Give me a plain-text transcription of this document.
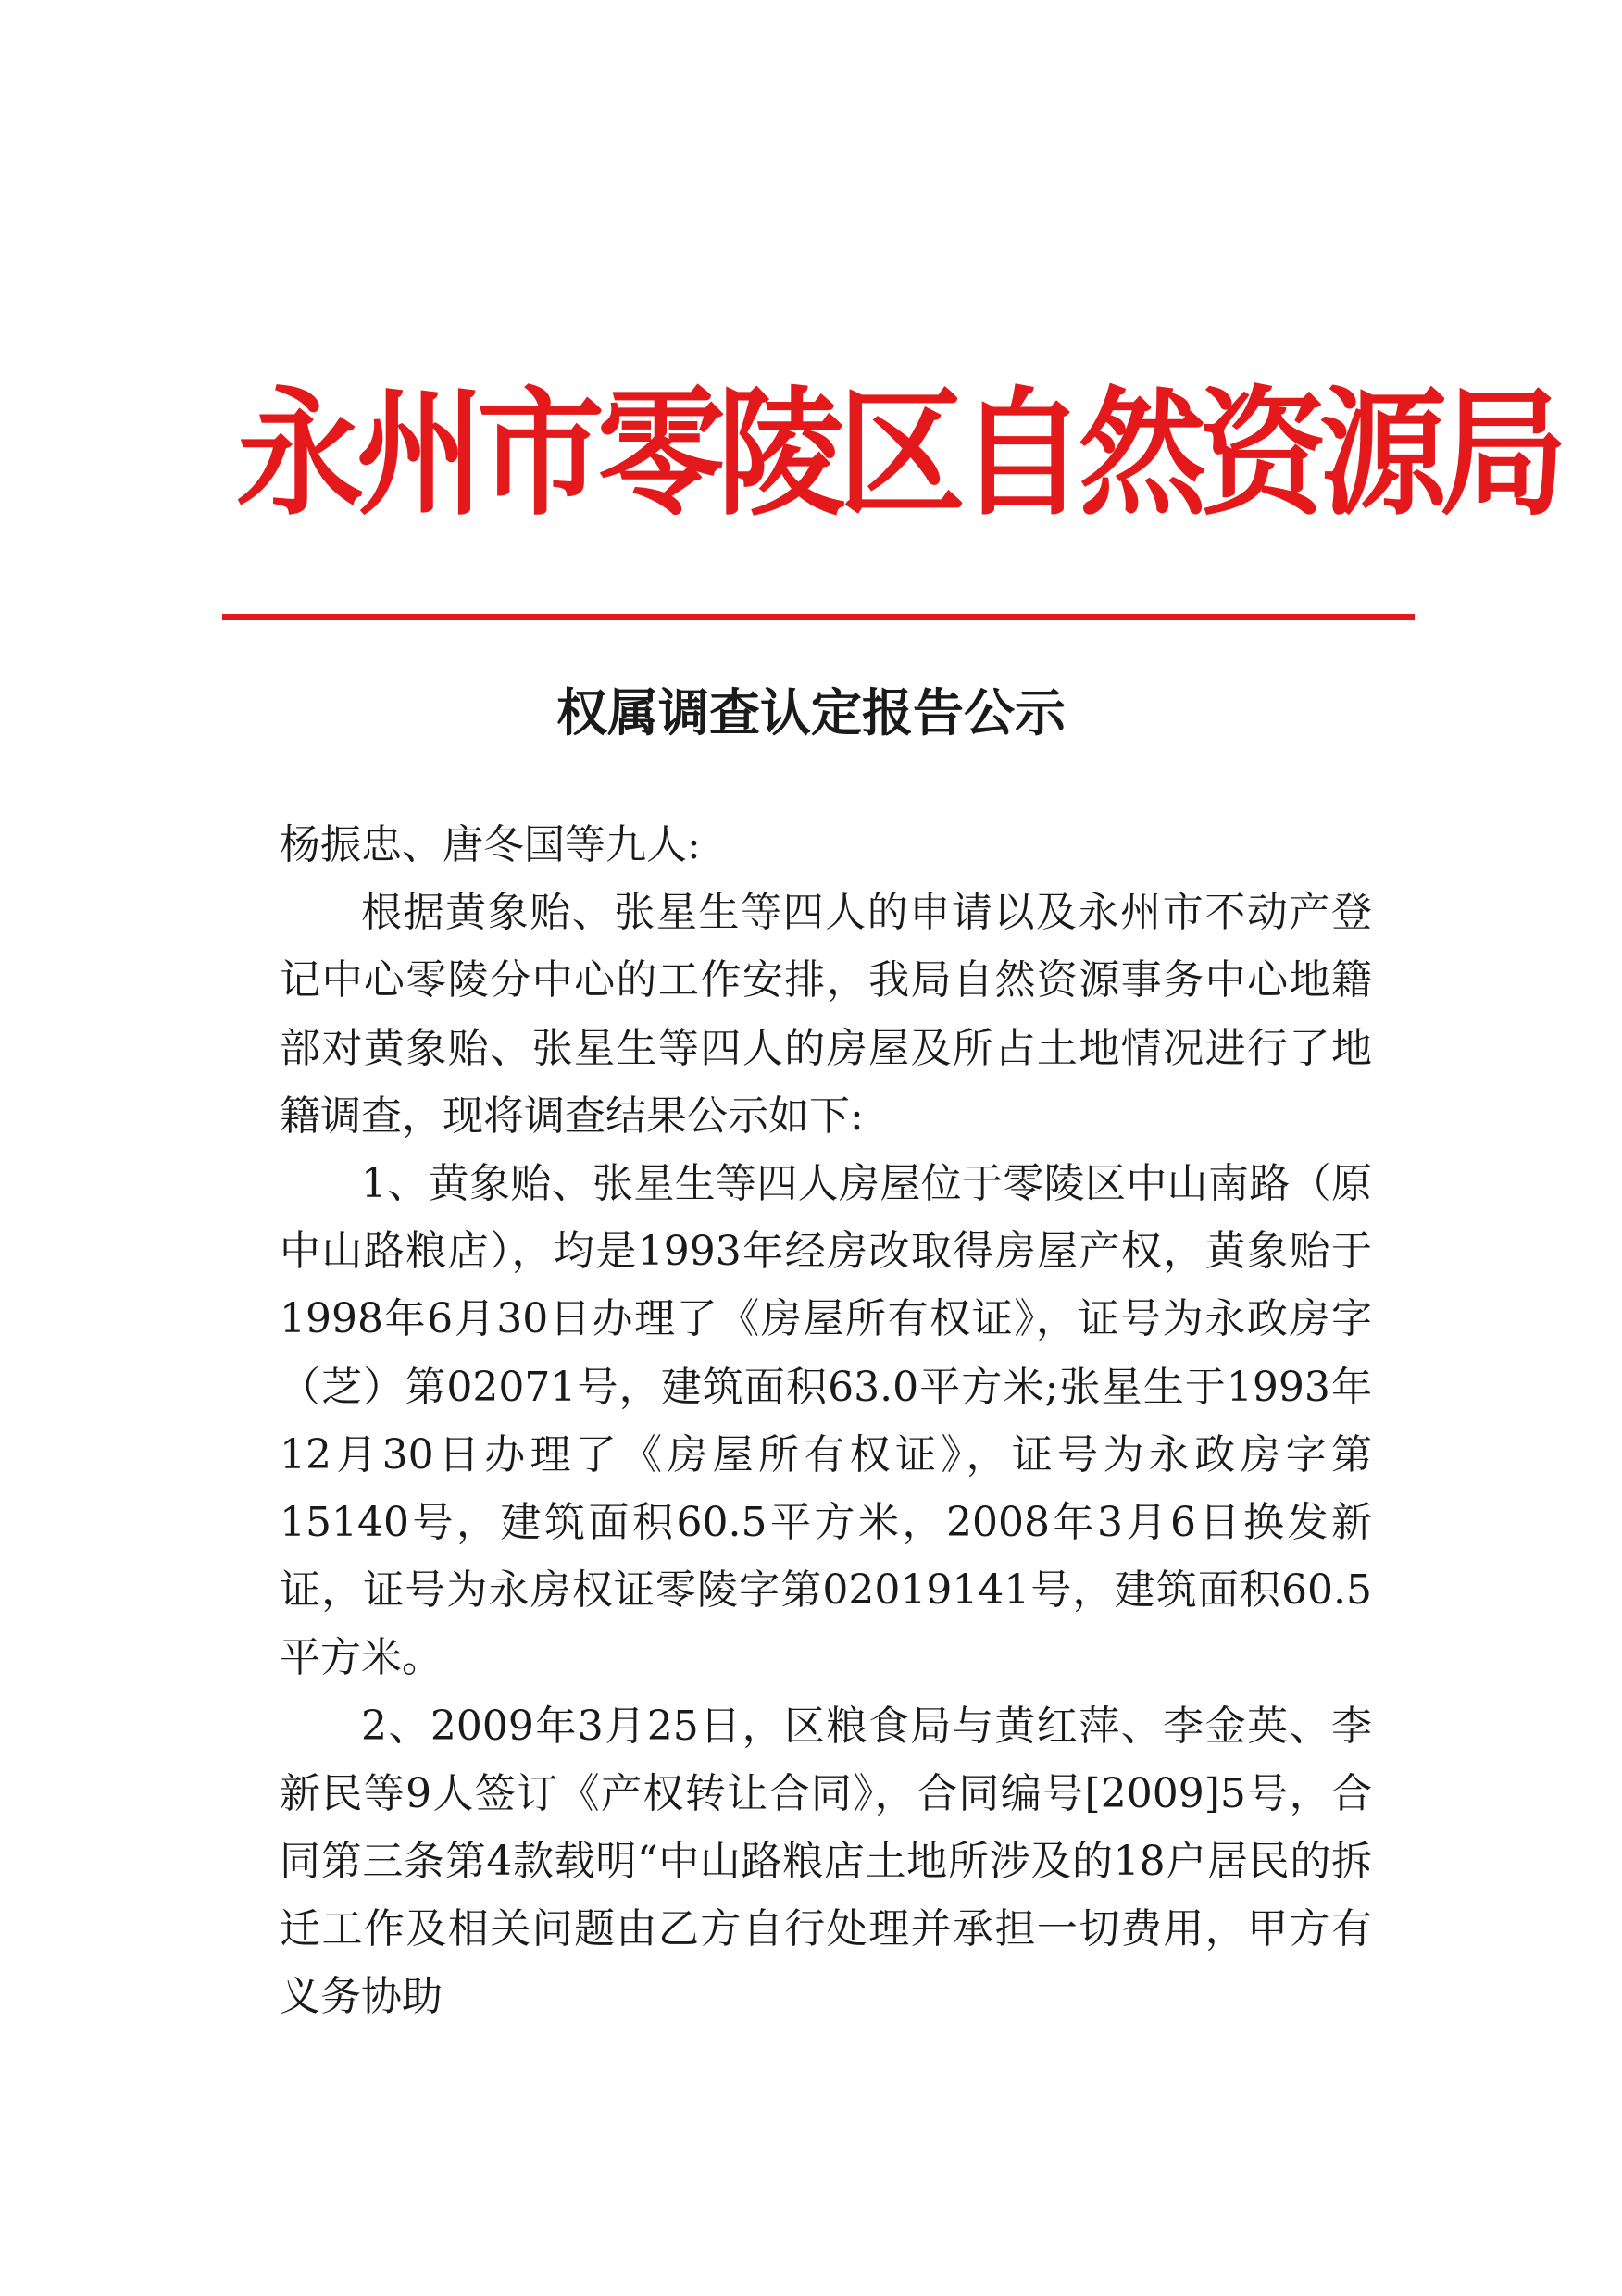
永州市零陵区自然资源局
权属调查认定报告公示

杨振忠、唐冬国等九人:

根据黄象贻、张星生等四人的申请以及永州市不动产登记中心零陵分中心的工作安排，我局自然资源事务中心地籍部对黄象贻、张星生等四人的房屋及所占土地情况进行了地籍调查，现将调查结果公示如下:

1、黄象贻、张星生等四人房屋位于零陵区中山南路（原中山路粮店），均是1993年经房改取得房屋产权，黄象贻于1998年6月30日办理了《房屋所有权证》，证号为永政房字（芝）第02071号，建筑面积63.0平方米;张星生于1993年12月30日办理了《房屋所有权证》，证号为永政房字第15140号，建筑面积60.5平方米，2008年3月6日换发新证，证号为永房权证零陵字第02019141号，建筑面积60.5平方米。

2、2009年3月25日，区粮食局与黄红萍、李金英、李新民等9人签订《产权转让合同》，合同编号[2009]5号，合同第三条第4款载明“中山路粮店土地所涉及的18户居民的拆迁工作及相关问题由乙方自行处理并承担一切费用，甲方有义务协助
